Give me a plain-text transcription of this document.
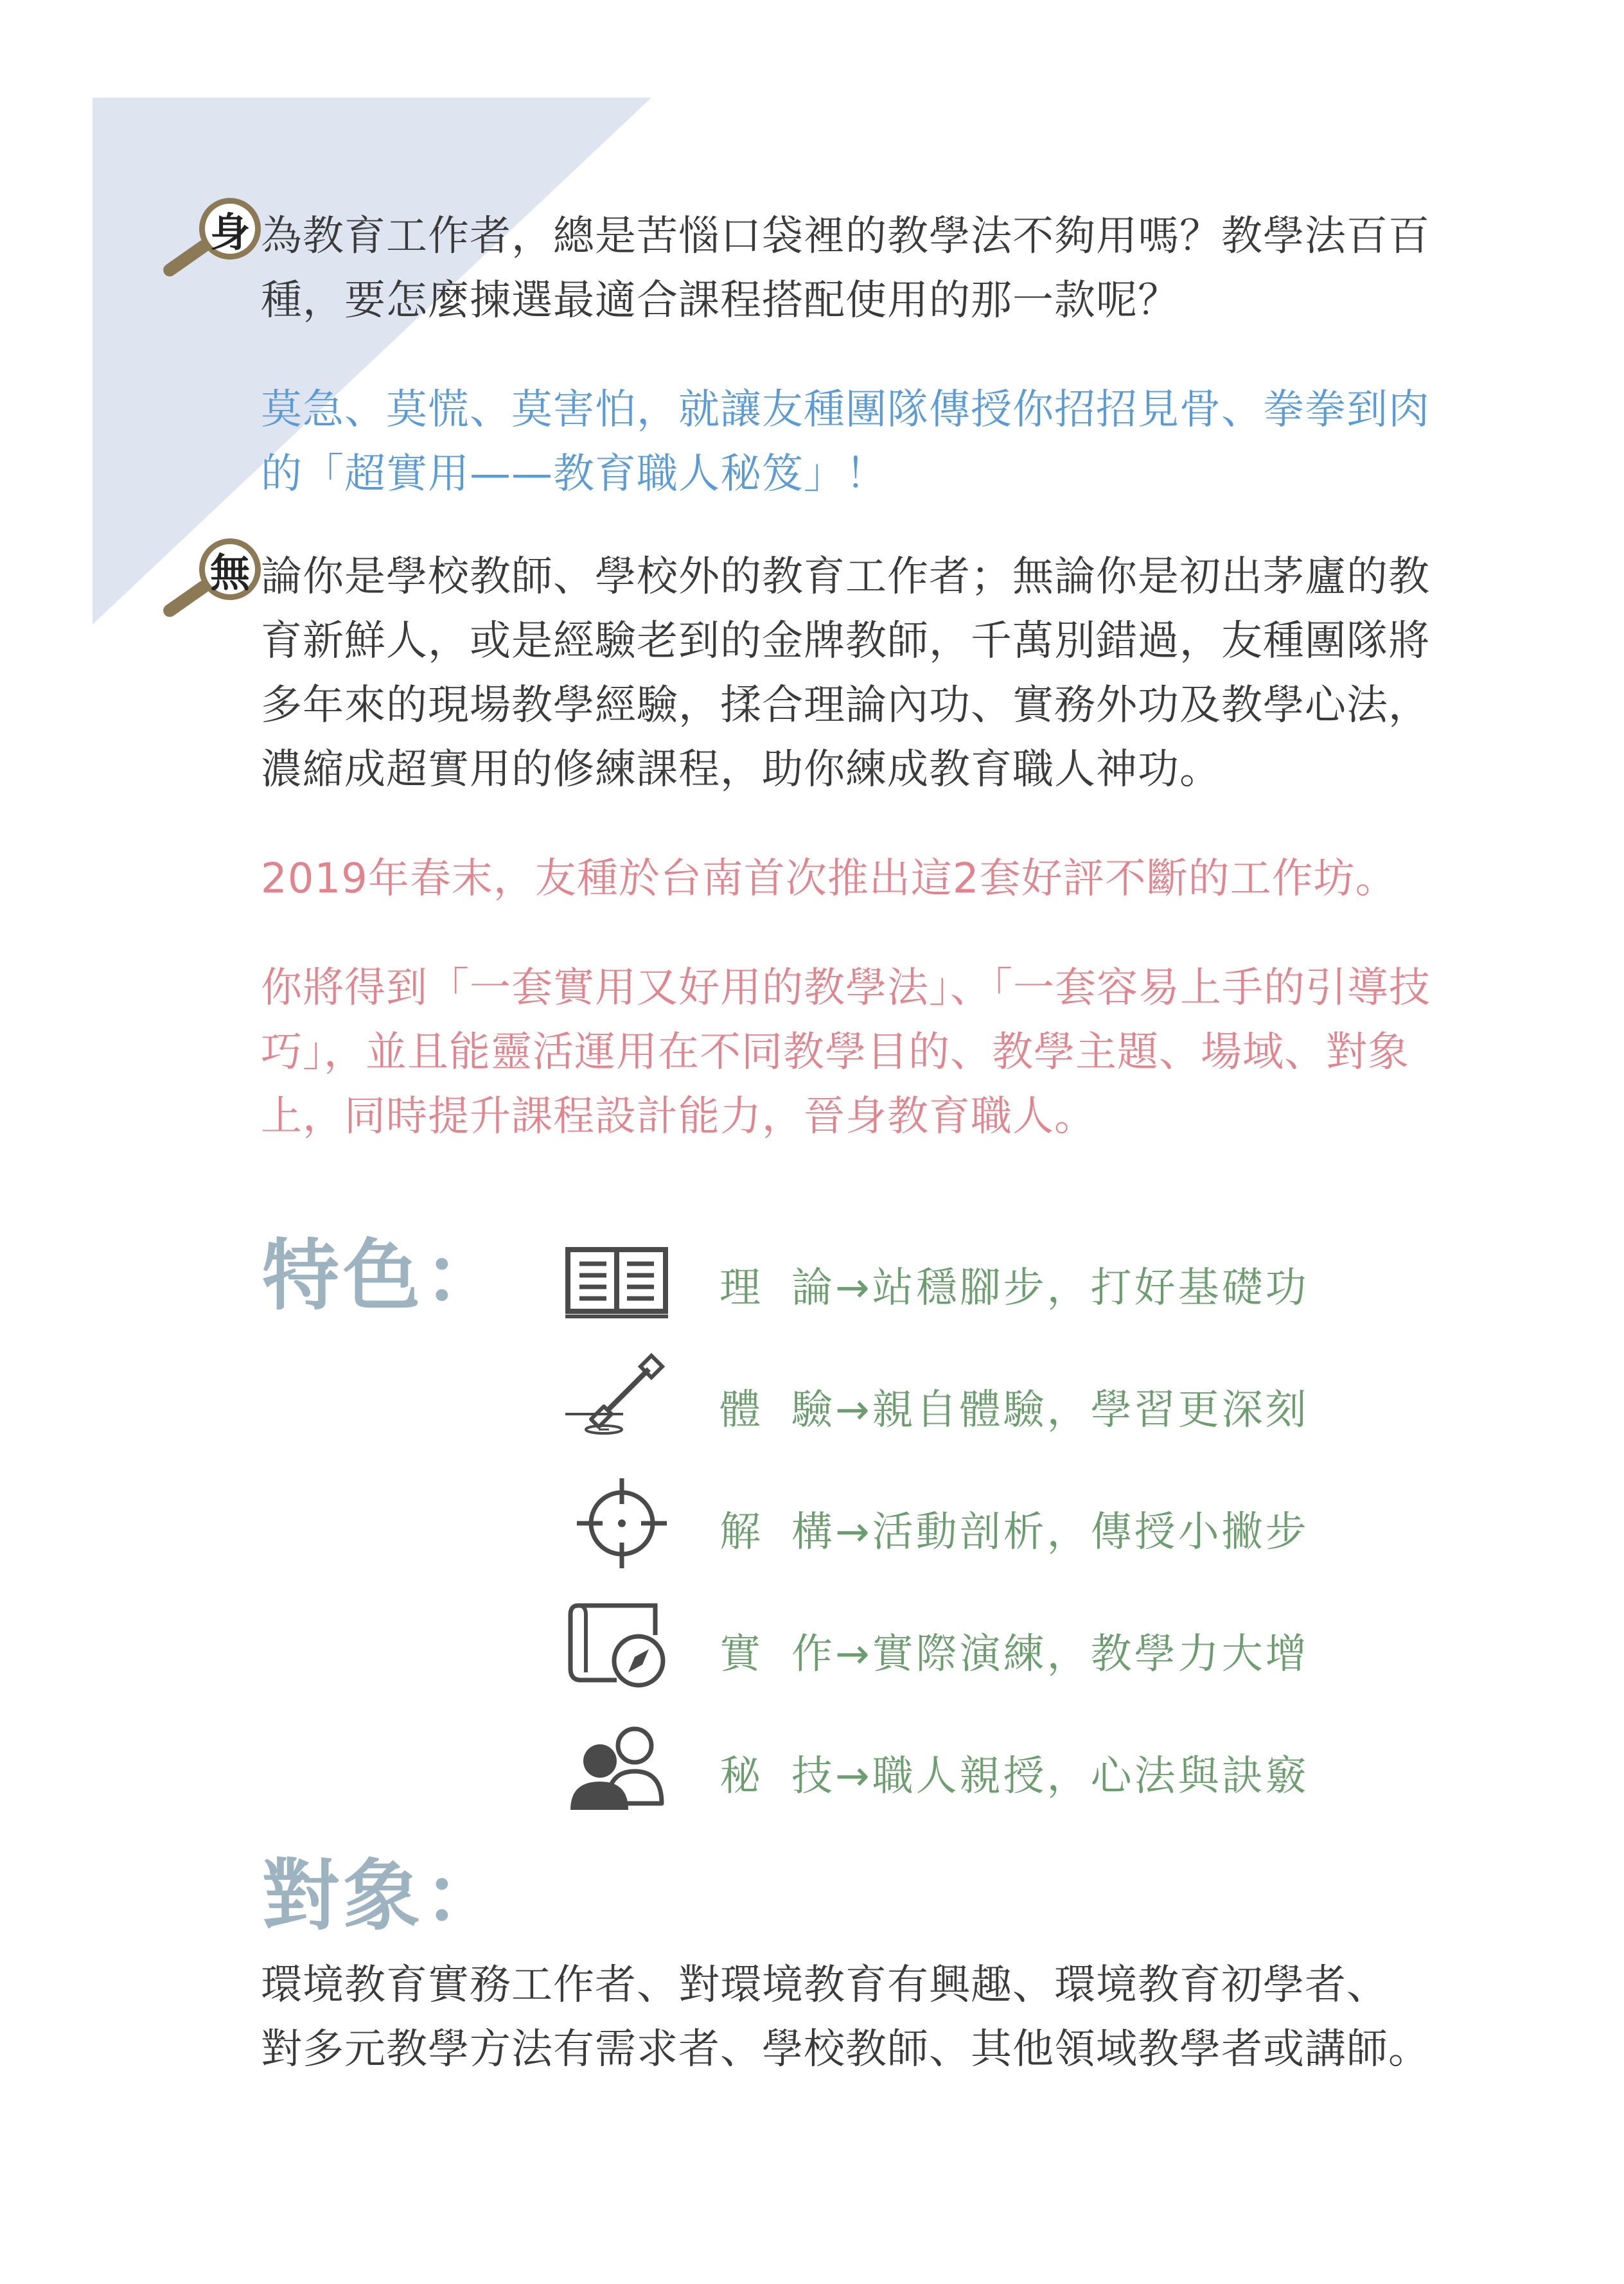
身 為教育工作者，總是苦惱口袋裡的教學法不夠用嗎？教學法百百種，要怎麼揀選最適合課程搭配使用的那一款呢？

莫急、莫慌、莫害怕，就讓友種團隊傳授你招招見骨、拳拳到肉的「超實用——教育職人秘笈」！

無 論你是學校教師、學校外的教育工作者；無論你是初出茅廬的教育新鮮人，或是經驗老到的金牌教師，千萬別錯過，友種團隊將多年來的現場教學經驗，揉合理論內功、實務外功及教學心法，濃縮成超實用的修練課程，助你練成教育職人神功。

2019年春末，友種於台南首次推出這2套好評不斷的工作坊。

你將得到「一套實用又好用的教學法」、「一套容易上手的引導技巧」，並且能靈活運用在不同教學目的、教學主題、場域、對象上，同時提升課程設計能力，晉身教育職人。

特色：	理 論→站穩腳步，打好基礎功
體 驗→親自體驗，學習更深刻
解 構→活動剖析，傳授小撇步
實 作→實際演練，教學力大增
秘 技→職人親授，心法與訣竅
對象：

環境教育實務工作者、對環境教育有興趣、環境教育初學者、

對多元教學方法有需求者、學校教師、其他領域教學者或講師。
